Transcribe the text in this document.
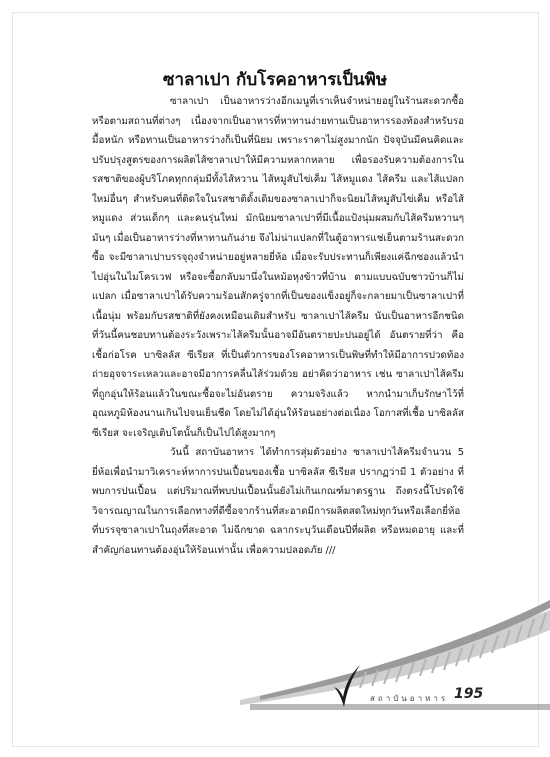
ซาลาเปา กับโรคอาหารเป็นพิษ

ซาลาเปา เป็นอาหารว่างอีกเมนูที่เราเห็นจำหน่ายอยู่ในร้านสะดวกซื้อหรือตามสถานที่ต่างๆ เนื่องจากเป็นอาหารที่หาทานง่ายทานเป็นอาหารรองท้องสำหรับรอมื้อหนัก หรือทานเป็นอาหารว่างก็เป็นที่นิยม เพราะราคาไม่สูงมากนัก ปัจจุบันมีคนคิดและปรับปรุงสูตรของการผลิตไส้ซาลาเปาให้มีความหลากหลาย เพื่อรองรับความต้องการในรสชาติของผู้บริโภคทุกกลุ่มมีทั้งไส้หวาน ไส้หมูสับไข่เค็ม ไส้หมูแดง ไส้ครีม และไส้แปลกใหม่อื่นๆ สำหรับคนที่ติดใจในรสชาติดั้งเดิมของซาลาเปาก็จะนิยมไส้หมูสับไข่เค็ม หรือไส้หมูแดง ส่วนเด็กๆ และคนรุ่นใหม่ มักนิยมซาลาเปาที่มีเนื้อแป้งนุ่มผสมกับไส้ครีมหวานๆ มันๆ เมื่อเป็นอาหารว่างที่หาทานกันง่าย จึงไม่น่าแปลกที่ในตู้อาหารแช่เย็นตามร้านสะดวกซื้อ จะมีซาลาเปาบรรจุถุงจำหน่ายอยู่หลายยี่ห้อ เมื่อจะรับประทานก็เพียงแค่ฉีกซองแล้วนำไปอุ่นในไมโครเวฟ หรือจะซื้อกลับมานึ่งในหม้อหุงข้าวที่บ้าน ตามแบบฉบับชาวบ้านก็ไม่แปลก เมื่อซาลาเปาได้รับความร้อนสักครู่จากที่เป็นของแข็งอยู่ก็จะกลายมาเป็นซาลาเปาที่เนื้อนุ่ม พร้อมกับรสชาติที่ยังคงเหมือนเดิมสำหรับ ซาลาเปาไส้ครีม นับเป็นอาหารอีกชนิด ที่วันนี้คนชอบทานต้องระวังเพราะไส้ครีมนั้นอาจมีอันตรายปะปนอยู่ได้ อันตรายที่ว่า คือ เชื้อก่อโรค บาซิลลัส ซีเรียส ที่เป็นตัวการของโรคอาหารเป็นพิษที่ทำให้มีอาการปวดท้อง ถ่ายอุจจาระเหลวและอาจมีอาการคลื่นไส้ร่วมด้วย อย่าคิดว่าอาหาร เช่น ซาลาเปาไส้ครีม ที่ถูกอุ่นให้ร้อนแล้วในขณะซื้อจะไม่อันตราย ความจริงแล้ว หากนำมาเก็บรักษาไว้ที่อุณหภูมิห้องนานเกินไปจนเย็นชืด โดยไม่ได้อุ่นให้ร้อนอย่างต่อเนื่อง โอกาสที่เชื้อ บาซิลลัส ซีเรียส จะเจริญเติบโตนั้นก็เป็นไปได้สูงมากๆ

วันนี้ สถาบันอาหาร ได้ทำการสุ่มตัวอย่าง ซาลาเปาไส้ครีมจำนวน 5 ยี่ห้อเพื่อนำมาวิเคราะห์หาการปนเปื้อนของเชื้อ บาซิลลัส ซีเรียส ปรากฏว่ามี 1 ตัวอย่าง ที่พบการปนเปื้อน แต่ปริมาณที่พบปนเปื้อนนั้นยังไม่เกินเกณฑ์มาตรฐาน ถึงตรงนี้โปรดใช้วิจารณญาณในการเลือกทางที่ดีซื้อจากร้านที่สะอาดมีการผลิตสดใหม่ทุกวันหรือเลือกยี่ห้อที่บรรจุซาลาเปาในถุงที่สะอาด ไม่ฉีกขาด ฉลากระบุวันเดือนปีที่ผลิต หรือหมดอายุ และที่สำคัญก่อนทานต้องอุ่นให้ร้อนเท่านั้น เพื่อความปลอดภัย ///

สถาบันอาหาร 195
